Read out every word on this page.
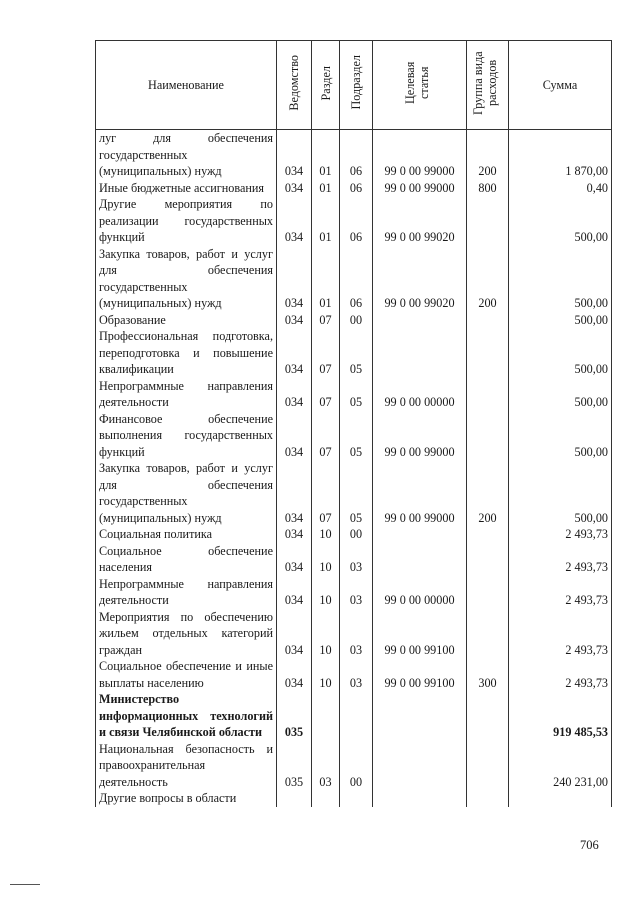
Наименование	Ведомство	Раздел	Подраздел	Целевая статья	Группа вида расходов	Сумма
луг для обеспечения государственных (муниципальных) нужд	034	01	06	99 0 00 99000	200	1 870,00
Иные бюджетные ассигнования	034	01	06	99 0 00 99000	800	0,40
Другие мероприятия по реализации государственных функций	034	01	06	99 0 00 99020		500,00
Закупка товаров, работ и услуг для обеспечения государственных (муниципальных) нужд	034	01	06	99 0 00 99020	200	500,00
Образование	034	07	00			500,00
Профессиональная подготовка, переподготовка и повышение квалификации	034	07	05			500,00
Непрограммные направления деятельности	034	07	05	99 0 00 00000		500,00
Финансовое обеспечение выполнения государственных функций	034	07	05	99 0 00 99000		500,00
Закупка товаров, работ и услуг для обеспечения государственных (муниципальных) нужд	034	07	05	99 0 00 99000	200	500,00
Социальная политика	034	10	00			2 493,73
Социальное обеспечение населения	034	10	03			2 493,73
Непрограммные направления деятельности	034	10	03	99 0 00 00000		2 493,73
Мероприятия по обеспечению жильем отдельных категорий граждан	034	10	03	99 0 00 99100		2 493,73
Социальное обеспечение и иные выплаты населению	034	10	03	99 0 00 99100	300	2 493,73
Министерство информационных технологий и связи Челябинской области	035					919 485,53
Национальная безопасность и правоохранительная деятельность	035	03	00			240 231,00
Другие вопросы в области						
706
